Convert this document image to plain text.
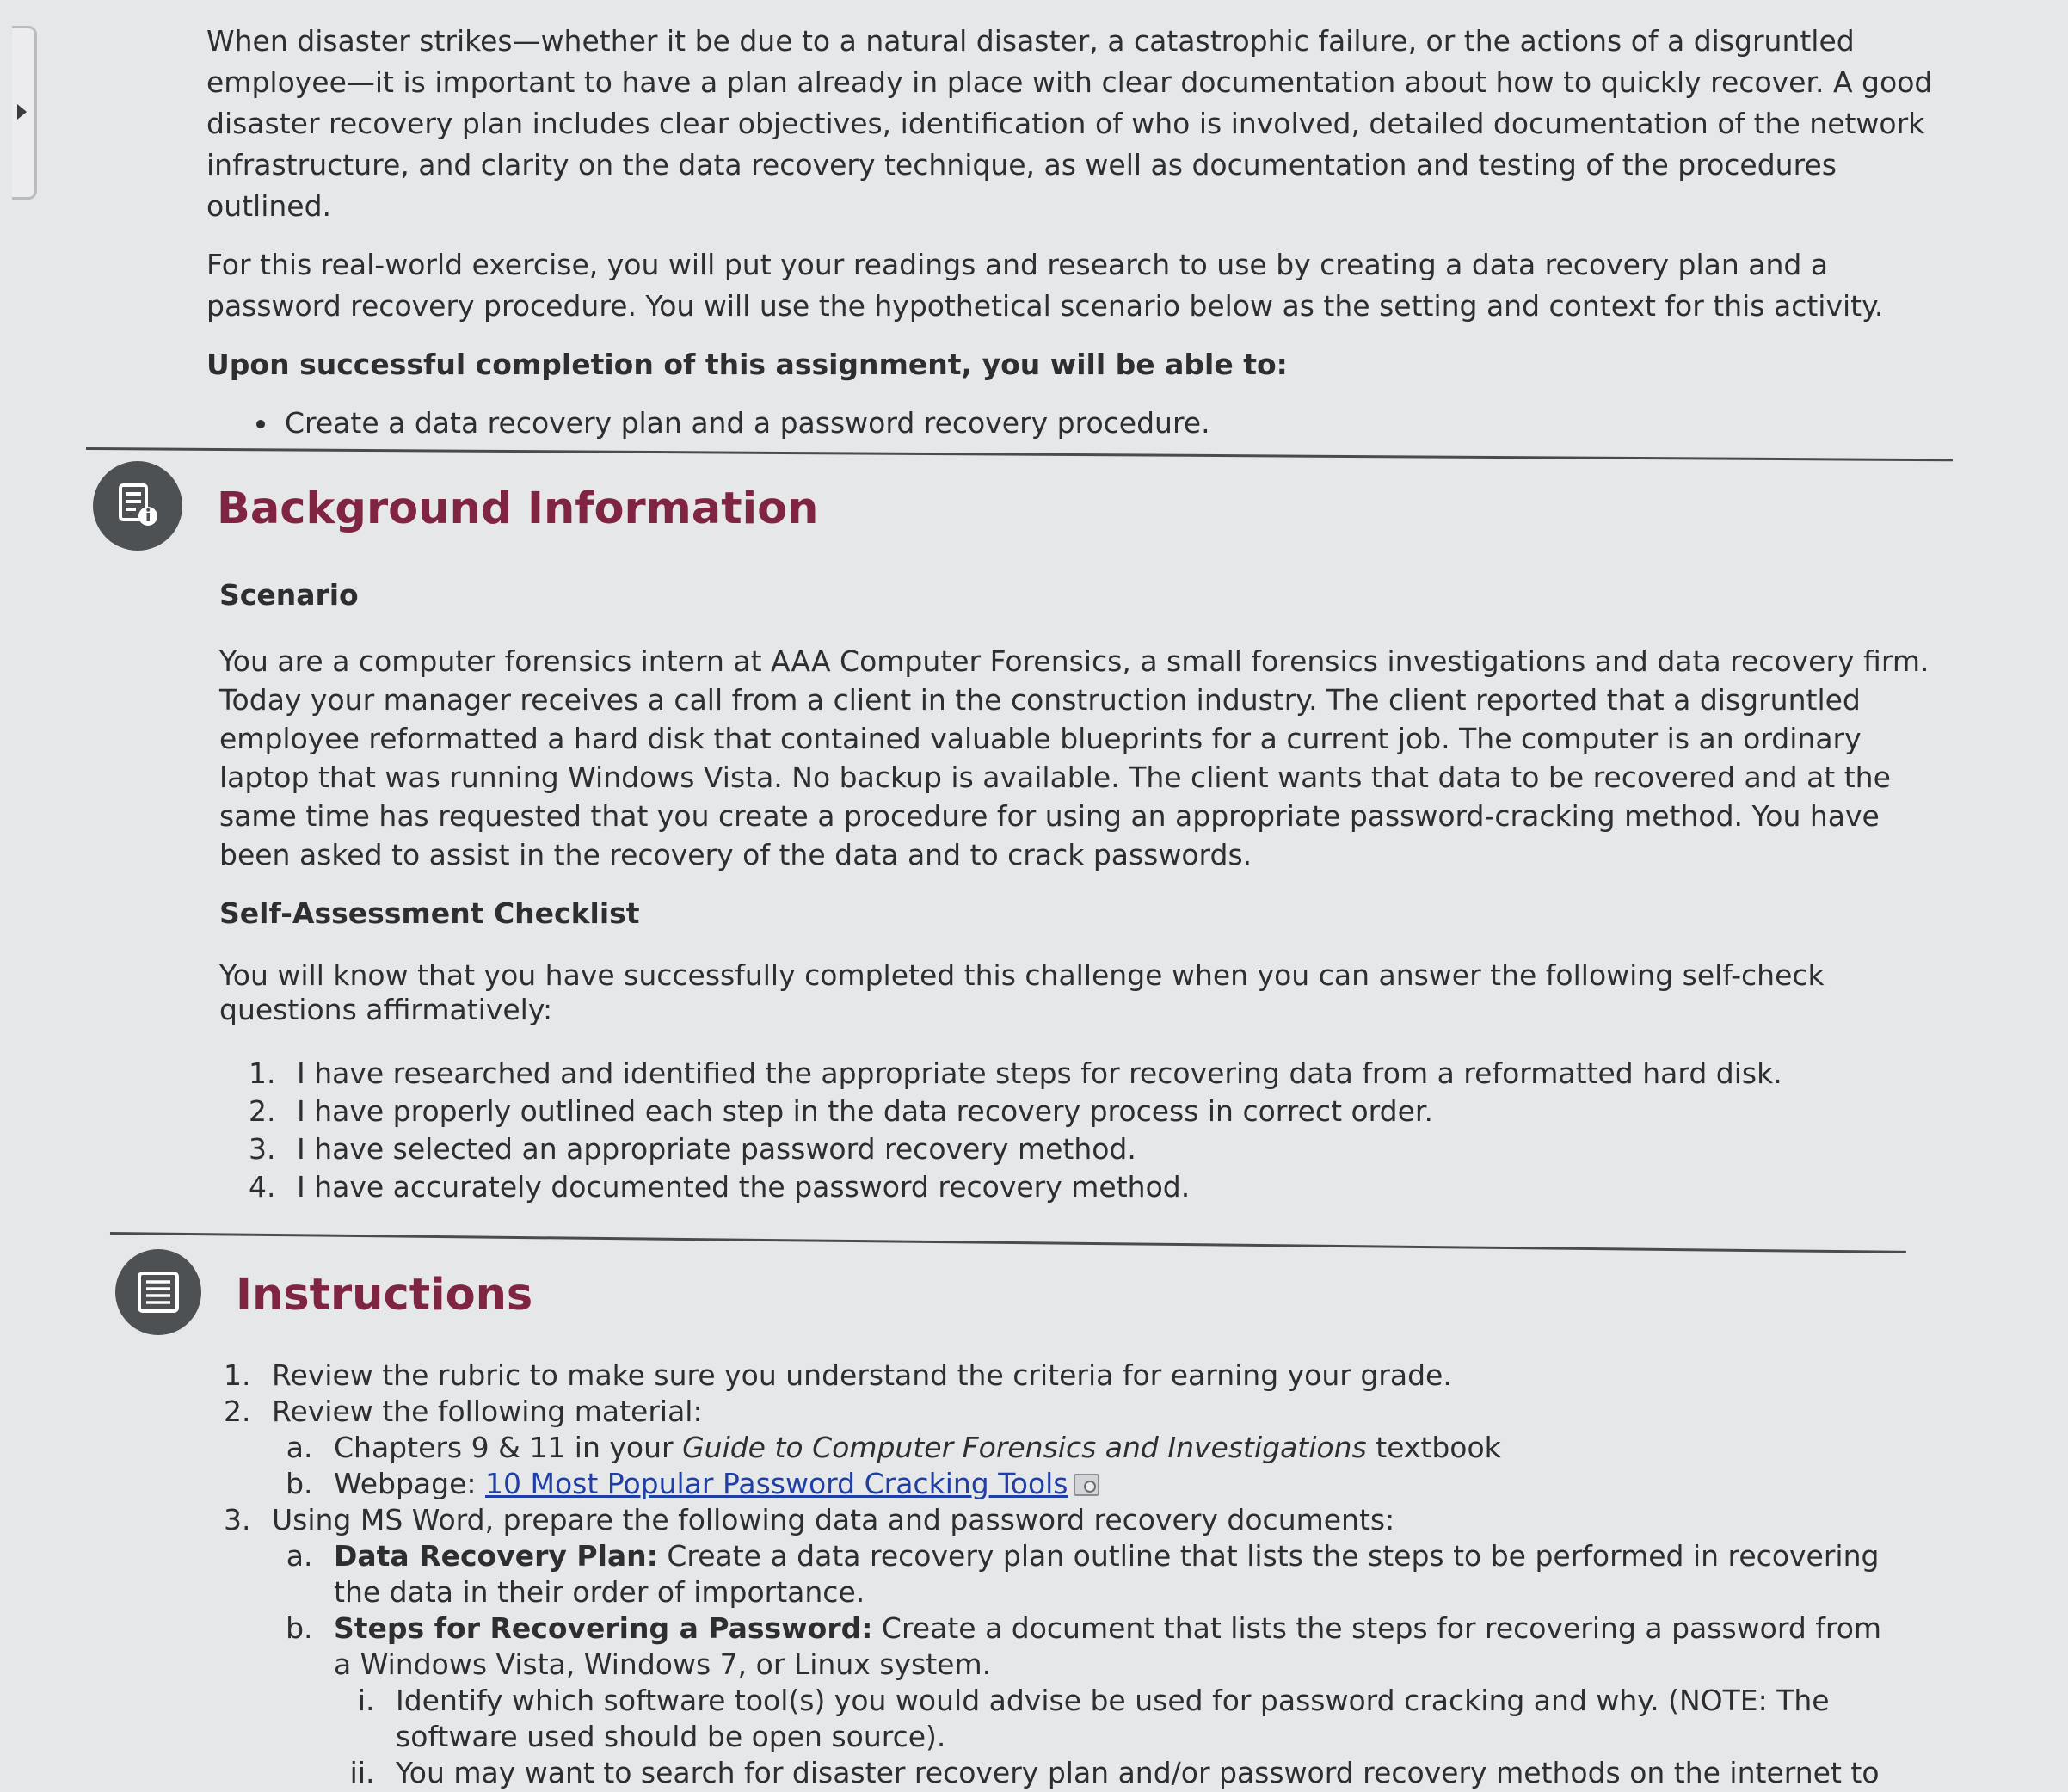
When disaster strikes—whether it be due to a natural disaster, a catastrophic failure, or the actions of a disgruntled employee—it is important to have a plan already in place with clear documentation about how to quickly recover. A good disaster recovery plan includes clear objectives, identification of who is involved, detailed documentation of the network infrastructure, and clarity on the data recovery technique, as well as documentation and testing of the procedures outlined.

For this real-world exercise, you will put your readings and research to use by creating a data recovery plan and a password recovery procedure. You will use the hypothetical scenario below as the setting and context for this activity.

Upon successful completion of this assignment, you will be able to:

• Create a data recovery plan and a password recovery procedure.
Background Information

Scenario

You are a computer forensics intern at AAA Computer Forensics, a small forensics investigations and data recovery firm. Today your manager receives a call from a client in the construction industry. The client reported that a disgruntled employee reformatted a hard disk that contained valuable blueprints for a current job. The computer is an ordinary laptop that was running Windows Vista. No backup is available. The client wants that data to be recovered and at the same time has requested that you create a procedure for using an appropriate password-cracking method. You have been asked to assist in the recovery of the data and to crack passwords.

Self-Assessment Checklist

You will know that you have successfully completed this challenge when you can answer the following self-check questions affirmatively:

1. I have researched and identified the appropriate steps for recovering data from a reformatted hard disk.
2. I have properly outlined each step in the data recovery process in correct order.
3. I have selected an appropriate password recovery method.
4. I have accurately documented the password recovery method.
Instructions
1. Review the rubric to make sure you understand the criteria for earning your grade.
2. Review the following material:
a. Chapters 9 & 11 in your Guide to Computer Forensics and Investigations textbook
b. Webpage: 10 Most Popular Password Cracking Tools
3. Using MS Word, prepare the following data and password recovery documents:
a. Data Recovery Plan: Create a data recovery plan outline that lists the steps to be performed in recovering the data in their order of importance.
b. Steps for Recovering a Password: Create a document that lists the steps for recovering a password from a Windows Vista, Windows 7, or Linux system.
i. Identify which software tool(s) you would advise be used for password cracking and why. (NOTE: The software used should be open source).
ii. You may want to search for disaster recovery plan and/or password recovery methods on the internet to
